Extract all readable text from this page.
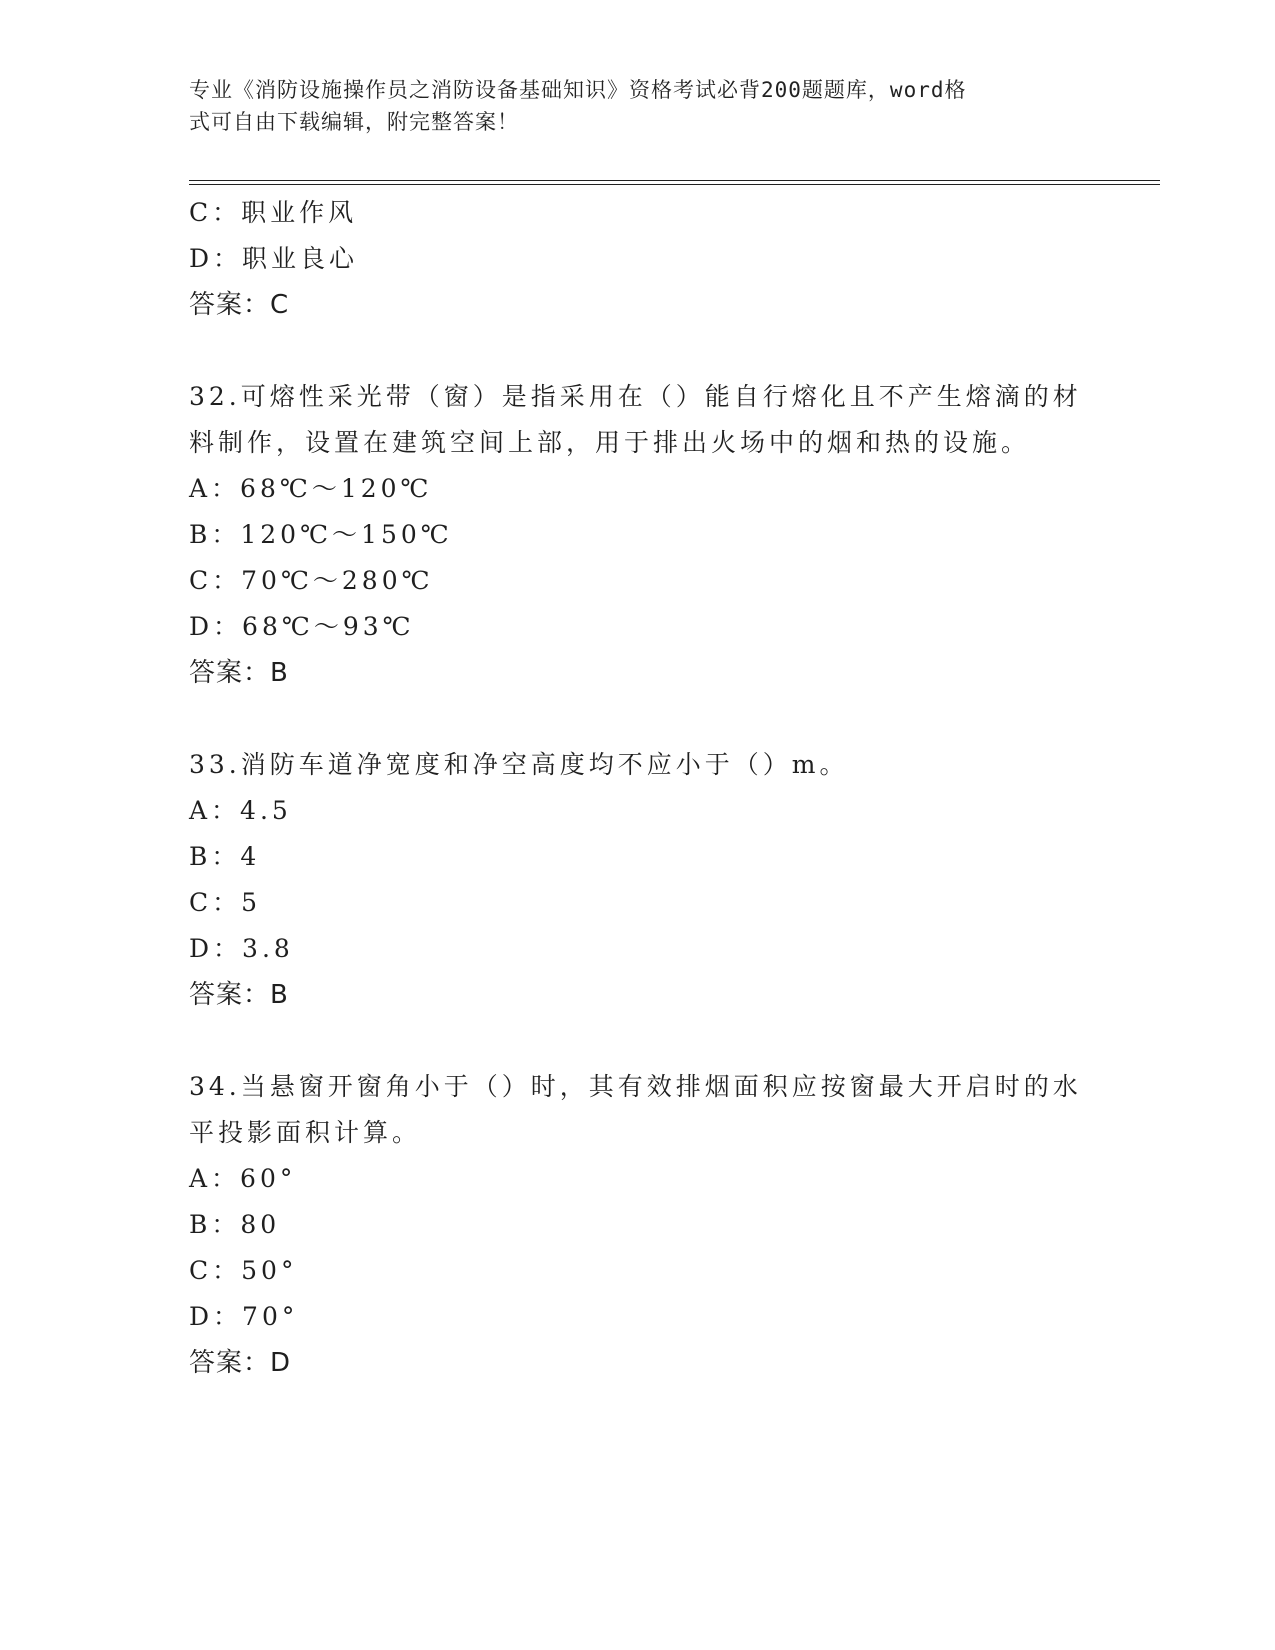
专业《消防设施操作员之消防设备基础知识》资格考试必背200题题库，word格
式可自由下载编辑，附完整答案！
C：职业作风
D：职业良心
答案：C
32.可熔性采光带（窗）是指采用在（）能自行熔化且不产生熔滴的材
料制作，设置在建筑空间上部，用于排出火场中的烟和热的设施。
A：68℃～120℃
B：120℃～150℃
C：70℃～280℃
D：68℃～93℃
答案：B
33.消防车道净宽度和净空高度均不应小于（）m。
A：4.5
B：4
C：5
D：3.8
答案：B
34.当悬窗开窗角小于（）时，其有效排烟面积应按窗最大开启时的水
平投影面积计算。
A：60°
B：80
C：50°
D：70°
答案：D
